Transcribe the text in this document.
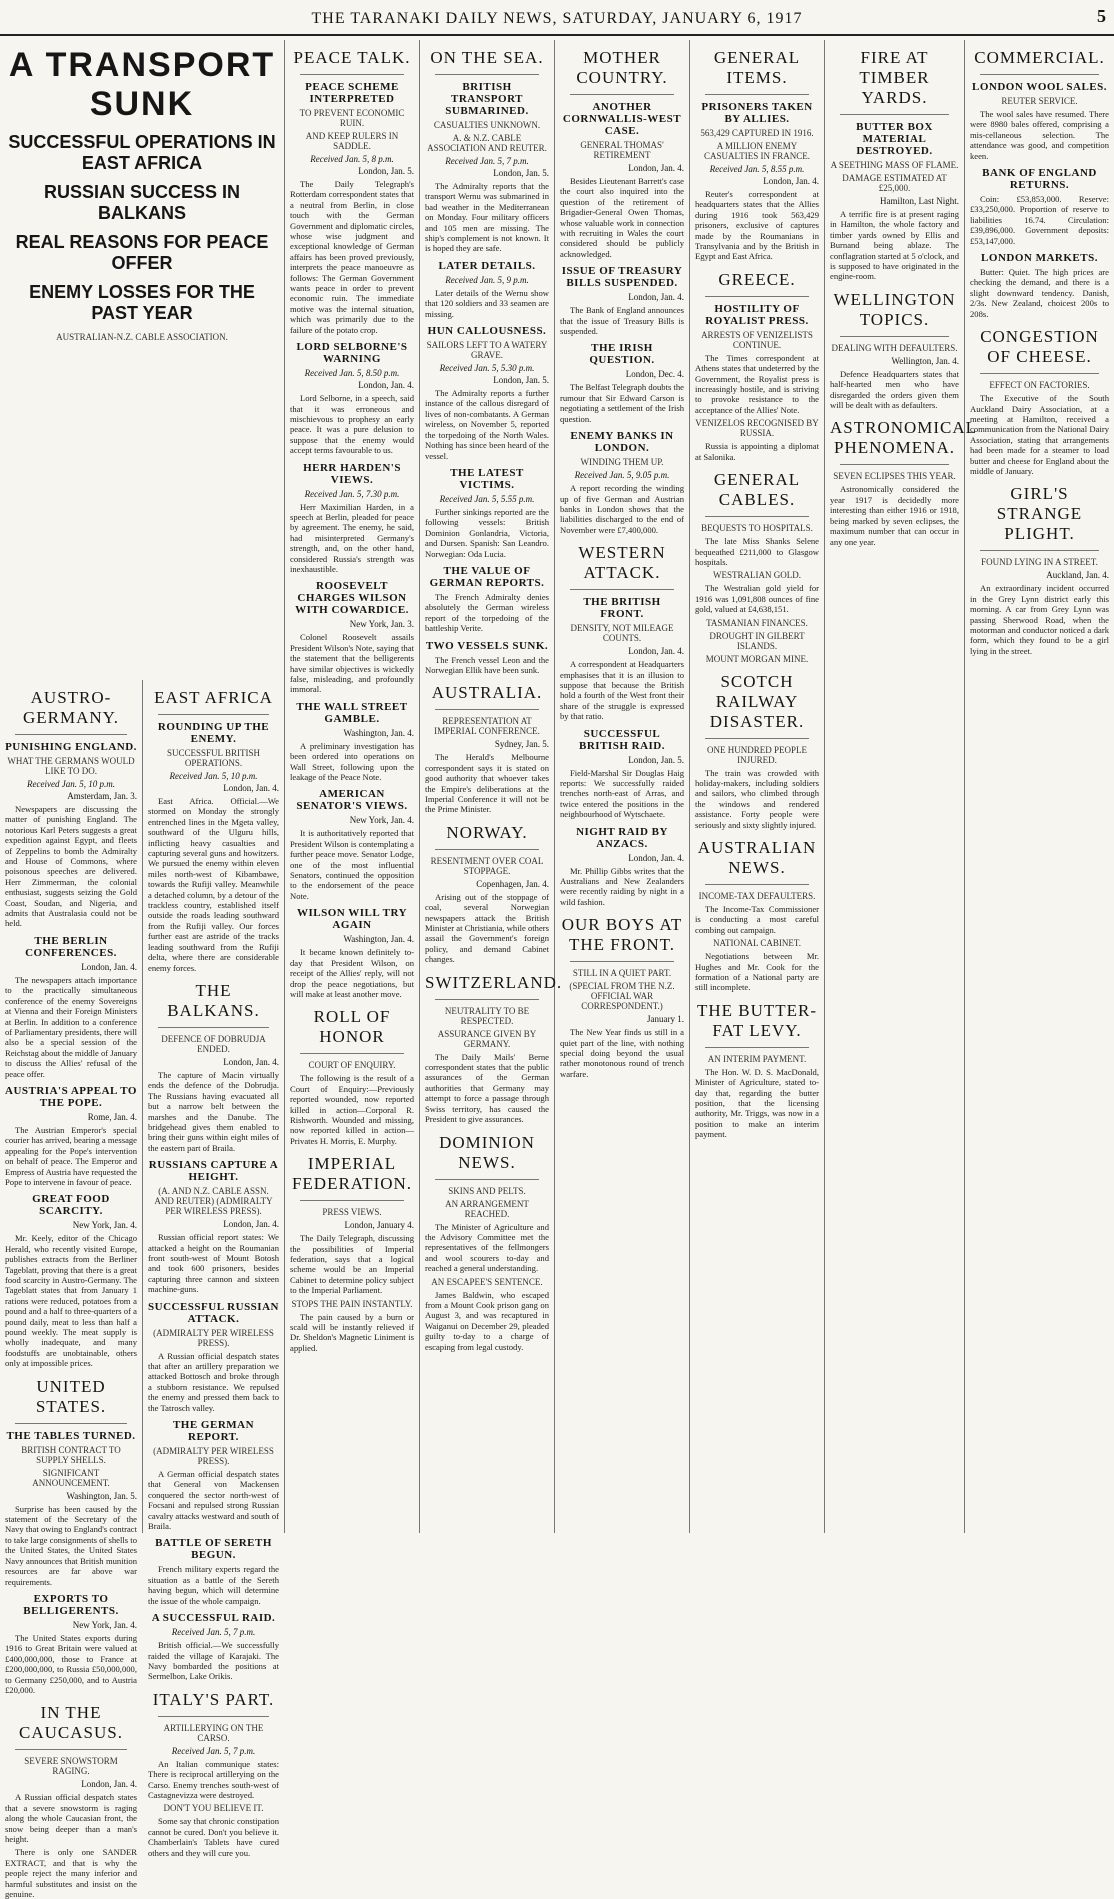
THE TARANAKI DAILY NEWS, SATURDAY, JANUARY 6, 1917	5
A TRANSPORT SUNK
SUCCESSFUL OPERATIONS IN EAST AFRICA
RUSSIAN SUCCESS IN BALKANS
REAL REASONS FOR PEACE OFFER
ENEMY LOSSES FOR THE PAST YEAR
AUSTRALIAN-N.Z. CABLE ASSOCIATION.
AUSTRO-GERMANY.
PUNISHING ENGLAND.
WHAT THE GERMANS WOULD LIKE TO DO.
Received Jan. 5, 10 p.m.
Amsterdam, Jan. 3.
Newspapers are discussing the matter of punishing England. The notorious Karl Peters suggests a great expedition against Egypt, and fleets of Zeppelins to bomb the Admiralty and House of Commons, where poisonous speeches are delivered. Herr Zimmerman, the colonial enthusiast, suggests seizing the Gold Coast, Soudan, and Nigeria, and admits that Australasia could not be held.
THE BERLIN CONFERENCES.
London, Jan. 4.
The newspapers attach importance to the practically simultaneous conference of the enemy Sovereigns at Vienna and their Foreign Ministers at Berlin. In addition to a conference of Parliamentary presidents, there will also be a special session of the Reichstag about the middle of January to discuss the Allies' refusal of the peace offer.
AUSTRIA'S APPEAL TO THE POPE.
Rome, Jan. 4.
The Austrian Emperor's special courier has arrived, bearing a message appealing for the Pope's intervention on behalf of peace. The Emperor and Empress of Austria have requested the Pope to intervene in favour of peace.
GREAT FOOD SCARCITY.
New York, Jan. 4.
Mr. Keely, editor of the Chicago Herald, who recently visited Europe, publishes extracts from the Berliner Tageblatt, proving that there is a great food scarcity in Austro-Germany. The Tageblatt states that from January 1 rations were reduced, potatoes from a pound and a half to three-quarters of a pound daily, meat to less than half a pound weekly. The meat supply is wholly inadequate, and many foodstuffs are unobtainable, others only at impossible prices.
UNITED STATES.
THE TABLES TURNED.
BRITISH CONTRACT TO SUPPLY SHELLS.
SIGNIFICANT ANNOUNCEMENT.
Washington, Jan. 5.
Surprise has been caused by the statement of the Secretary of the Navy that owing to England's contract to take large consignments of shells to the United States, the United States Navy announces that British munition resources are far above war requirements.
EXPORTS TO BELLIGERENTS.
New York, Jan. 4.
The United States exports during 1916 to Great Britain were valued at £400,000,000, those to France at £200,000,000, to Russia £50,000,000, to Germany £250,000, and to Austria £20,000.
IN THE CAUCASUS.
SEVERE SNOWSTORM RAGING.
London, Jan. 4.
A Russian official despatch states that a severe snowstorm is raging along the whole Caucasian front, the snow being deeper than a man's height.
There is only one SANDER EXTRACT, and that is why the people reject the many inferior and harmful substitutes and insist on the genuine.
EAST AFRICA
ROUNDING UP THE ENEMY.
SUCCESSFUL BRITISH OPERATIONS.
Received Jan. 5, 10 p.m.
London, Jan. 4.
East Africa. Official.—We stormed on Monday the strongly entrenched lines in the Mgeta valley, southward of the Ulguru hills, inflicting heavy casualties and capturing several guns and howitzers. We pursued the enemy within eleven miles north-west of Kibambawe, towards the Rufiji valley. Meanwhile a detached column, by a detour of the trackless country, established itself outside the roads leading southward from the Rufiji valley. Our forces further east are astride of the tracks leading southward from the Rufiji delta, where there are considerable enemy forces.
THE BALKANS.
DEFENCE OF DOBRUDJA ENDED.
London, Jan. 4.
The capture of Macin virtually ends the defence of the Dobrudja. The Russians having evacuated all but a narrow belt between the marshes and the Danube. The bridgehead gives them enabled to bring their guns within eight miles of the eastern part of Braila.
RUSSIANS CAPTURE A HEIGHT.
(A. AND N.Z. CABLE ASSN. AND REUTER) (ADMIRALTY PER WIRELESS PRESS).
London, Jan. 4.
Russian official report states: We attacked a height on the Roumanian front south-west of Mount Botosh and took 600 prisoners, besides capturing three cannon and sixteen machine-guns.
SUCCESSFUL RUSSIAN ATTACK.
(ADMIRALTY PER WIRELESS PRESS).
A Russian official despatch states that after an artillery preparation we attacked Bottosch and broke through a stubborn resistance. We repulsed the enemy and pressed them back to the Tatrosch valley.
THE GERMAN REPORT.
(ADMIRALTY PER WIRELESS PRESS).
A German official despatch states that General von Mackensen conquered the sector north-west of Focsani and repulsed strong Russian cavalry attacks westward and south of Braila.
BATTLE OF SERETH BEGUN.
French military experts regard the situation as a battle of the Sereth having begun, which will determine the issue of the whole campaign.
A SUCCESSFUL RAID.
Received Jan. 5, 7 p.m.
British official.—We successfully raided the village of Karajaki. The Navy bombarded the positions at Sermelbon, Lake Orikis.
ITALY'S PART.
ARTILLERYING ON THE CARSO.
Received Jan. 5, 7 p.m.
An Italian communique states: There is reciprocal artillerying on the Carso. Enemy trenches south-west of Castagnevizza were destroyed.
DON'T YOU BELIEVE IT.
Some say that chronic constipation cannot be cured. Don't you believe it. Chamberlain's Tablets have cured others and they will cure you.
PEACE TALK.
PEACE SCHEME INTERPRETED
TO PREVENT ECONOMIC RUIN.
AND KEEP RULERS IN SADDLE.
Received Jan. 5, 8 p.m.
London, Jan. 5.
The Daily Telegraph's Rotterdam correspondent states that a neutral from Berlin, in close touch with the German Government and diplomatic circles, whose wise judgment and exceptional knowledge of German affairs has been proved previously, interprets the peace manoeuvre as follows: The German Government wants peace in order to prevent economic ruin. The immediate motive was the internal situation, which was primarily due to the failure of the potato crop.
LORD SELBORNE'S WARNING
Received Jan. 5, 8.50 p.m.
London, Jan. 4.
Lord Selborne, in a speech, said that it was erroneous and mischievous to prophesy an early peace. It was a pure delusion to suppose that the enemy would accept terms favourable to us.
HERR HARDEN'S VIEWS.
Received Jan. 5, 7.30 p.m.
Herr Maximilian Harden, in a speech at Berlin, pleaded for peace by agreement. The enemy, he said, had misinterpreted Germany's strength, and, on the other hand, considered Russia's strength was inexhaustible.
ROOSEVELT CHARGES WILSON WITH COWARDICE.
New York, Jan. 3.
Colonel Roosevelt assails President Wilson's Note, saying that the statement that the belligerents have similar objectives is wickedly false, misleading, and profoundly immoral.
THE WALL STREET GAMBLE.
Washington, Jan. 4.
A preliminary investigation has been ordered into operations on Wall Street, following upon the leakage of the Peace Note.
AMERICAN SENATOR'S VIEWS.
New York, Jan. 4.
It is authoritatively reported that President Wilson is contemplating a further peace move. Senator Lodge, one of the most influential Senators, continued the opposition to the endorsement of the peace Note.
WILSON WILL TRY AGAIN
Washington, Jan. 4.
It became known definitely to-day that President Wilson, on receipt of the Allies' reply, will not drop the peace negotiations, but will make at least another move.
ROLL OF HONOR
COURT OF ENQUIRY.
The following is the result of a Court of Enquiry:—Previously reported wounded, now reported killed in action—Corporal R. Rishworth. Wounded and missing, now reported killed in action—Privates H. Morris, E. Murphy.
IMPERIAL FEDERATION.
PRESS VIEWS.
London, January 4.
The Daily Telegraph, discussing the possibilities of Imperial federation, says that a logical scheme would be an Imperial Cabinet to determine policy subject to the Imperial Parliament.
STOPS THE PAIN INSTANTLY.
The pain caused by a burn or scald will be instantly relieved if Dr. Sheldon's Magnetic Liniment is applied.
ON THE SEA.
BRITISH TRANSPORT SUBMARINED.
CASUALTIES UNKNOWN.
A. & N.Z. CABLE ASSOCIATION AND REUTER.
Received Jan. 5, 7 p.m.
London, Jan. 5.
The Admiralty reports that the transport Wernu was submarined in bad weather in the Mediterranean on Monday. Four military officers and 105 men are missing. The ship's complement is not known. It is hoped they are safe.
LATER DETAILS.
Received Jan. 5, 9 p.m.
Later details of the Wernu show that 120 soldiers and 33 seamen are missing.
HUN CALLOUSNESS.
SAILORS LEFT TO A WATERY GRAVE.
Received Jan. 5, 5.30 p.m.
London, Jan. 5.
The Admiralty reports a further instance of the callous disregard of lives of non-combatants. A German wireless, on November 5, reported the torpedoing of the North Wales. Nothing has since been heard of the vessel.
THE LATEST VICTIMS.
Received Jan. 5, 5.55 p.m.
Further sinkings reported are the following vessels: British Dominion Gonlandria, Victoria, and Dursen. Spanish: San Leandro. Norwegian: Oda Lucia.
THE VALUE OF GERMAN REPORTS.
The French Admiralty denies absolutely the German wireless report of the torpedoing of the battleship Verite.
TWO VESSELS SUNK.
The French vessel Leon and the Norwegian Ellik have been sunk.
AUSTRALIA.
REPRESENTATION AT IMPERIAL CONFERENCE.
Sydney, Jan. 5.
The Herald's Melbourne correspondent says it is stated on good authority that whoever takes the Empire's deliberations at the Imperial Conference it will not be the Prime Minister.
NORWAY.
RESENTMENT OVER COAL STOPPAGE.
Copenhagen, Jan. 4.
Arising out of the stoppage of coal, several Norwegian newspapers attack the British Minister at Christiania, while others assail the Government's foreign policy, and demand Cabinet changes.
SWITZERLAND.
NEUTRALITY TO BE RESPECTED.
ASSURANCE GIVEN BY GERMANY.
The Daily Mails' Berne correspondent states that the public assurances of the German authorities that Germany may attempt to force a passage through Swiss territory, has caused the President to give assurances.
DOMINION NEWS.
SKINS AND PELTS.
AN ARRANGEMENT REACHED.
The Minister of Agriculture and the Advisory Committee met the representatives of the fellmongers and wool scourers to-day and reached a general understanding.
AN ESCAPEE'S SENTENCE.
James Baldwin, who escaped from a Mount Cook prison gang on August 3, and was recaptured in Waiganui on December 29, pleaded guilty to-day to a charge of escaping from legal custody.
MOTHER COUNTRY.
ANOTHER CORNWALLIS-WEST CASE.
GENERAL THOMAS' RETIREMENT
London, Jan. 4.
Besides Lieutenant Barrett's case the court also inquired into the question of the retirement of Brigadier-General Owen Thomas, whose valuable work in connection with recruiting in Wales the court considered should be publicly acknowledged.
ISSUE OF TREASURY BILLS SUSPENDED.
London, Jan. 4.
The Bank of England announces that the issue of Treasury Bills is suspended.
THE IRISH QUESTION.
London, Dec. 4.
The Belfast Telegraph doubts the rumour that Sir Edward Carson is negotiating a settlement of the Irish question.
ENEMY BANKS IN LONDON.
WINDING THEM UP.
Received Jan. 5, 9.05 p.m.
A report recording the winding up of five German and Austrian banks in London shows that the liabilities discharged to the end of November were £7,400,000.
WESTERN ATTACK.
THE BRITISH FRONT.
DENSITY, NOT MILEAGE COUNTS.
London, Jan. 4.
A correspondent at Headquarters emphasises that it is an illusion to suppose that because the British hold a fourth of the West front their share of the struggle is expressed by that ratio.
SUCCESSFUL BRITISH RAID.
London, Jan. 5.
Field-Marshal Sir Douglas Haig reports: We successfully raided trenches north-east of Arras, and twice entered the positions in the neighbourhood of Wytschaete.
NIGHT RAID BY ANZACS.
London, Jan. 4.
Mr. Phillip Gibbs writes that the Australians and New Zealanders were recently raiding by night in a wild fashion.
OUR BOYS AT THE FRONT.
STILL IN A QUIET PART.
(SPECIAL FROM THE N.Z. OFFICIAL WAR CORRESPONDENT.)
January 1.
The New Year finds us still in a quiet part of the line, with nothing special doing beyond the usual rather monotonous round of trench warfare.
GENERAL ITEMS.
PRISONERS TAKEN BY ALLIES.
563,429 CAPTURED IN 1916.
A MILLION ENEMY CASUALTIES IN FRANCE.
Received Jan. 5, 8.55 p.m.
London, Jan. 4.
Reuter's correspondent at headquarters states that the Allies during 1916 took 563,429 prisoners, exclusive of captures made by the Roumanians in Transylvania and by the British in Egypt and East Africa.
GREECE.
HOSTILITY OF ROYALIST PRESS.
ARRESTS OF VENIZELISTS CONTINUE.
The Times correspondent at Athens states that undeterred by the Government, the Royalist press is increasingly hostile, and is striving to provoke resistance to the acceptance of the Allies' Note.
VENIZELOS RECOGNISED BY RUSSIA.
Russia is appointing a diplomat at Salonika.
GENERAL CABLES.
BEQUESTS TO HOSPITALS.
The late Miss Shanks Selene bequeathed £211,000 to Glasgow hospitals.
WESTRALIAN GOLD.
The Westralian gold yield for 1916 was 1,091,808 ounces of fine gold, valued at £4,638,151.
TASMANIAN FINANCES.
DROUGHT IN GILBERT ISLANDS.
MOUNT MORGAN MINE.
SCOTCH RAILWAY DISASTER.
ONE HUNDRED PEOPLE INJURED.
The train was crowded with holiday-makers, including soldiers and sailors, who climbed through the windows and rendered assistance. Forty people were seriously and sixty slightly injured.
AUSTRALIAN NEWS.
INCOME-TAX DEFAULTERS.
The Income-Tax Commissioner is conducting a most careful combing out campaign.
NATIONAL CABINET.
Negotiations between Mr. Hughes and Mr. Cook for the formation of a National party are still incomplete.
THE BUTTER-FAT LEVY.
AN INTERIM PAYMENT.
The Hon. W. D. S. MacDonald, Minister of Agriculture, stated to-day that, regarding the butter position, that the licensing authority, Mr. Triggs, was now in a position to make an interim payment.
FIRE AT TIMBER YARDS.
BUTTER BOX MATERIAL DESTROYED.
A SEETHING MASS OF FLAME.
DAMAGE ESTIMATED AT £25,000.
Hamilton, Last Night.
A terrific fire is at present raging in Hamilton, the whole factory and timber yards owned by Ellis and Burnand being ablaze. The conflagration started at 5 o'clock, and is supposed to have originated in the engine-room.
WELLINGTON TOPICS.
DEALING WITH DEFAULTERS.
Wellington, Jan. 4.
Defence Headquarters states that half-hearted men who have disregarded the orders given them will be dealt with as defaulters.
ASTRONOMICAL PHENOMENA.
SEVEN ECLIPSES THIS YEAR.
Astronomically considered the year 1917 is decidedly more interesting than either 1916 or 1918, being marked by seven eclipses, the maximum number that can occur in any one year.
COMMERCIAL.
LONDON WOOL SALES.
REUTER SERVICE.
The wool sales have resumed. There were 8980 bales offered, comprising a mis-cellaneous selection. The attendance was good, and competition keen.
BANK OF ENGLAND RETURNS.
Coin: £53,853,000. Reserve: £33,250,000. Proportion of reserve to liabilities 16.74. Circulation: £39,896,000. Government deposits: £53,147,000.
LONDON MARKETS.
Butter: Quiet. The high prices are checking the demand, and there is a slight downward tendency. Danish, 2/3s. New Zealand, choicest 200s to 208s.
CONGESTION OF CHEESE.
EFFECT ON FACTORIES.
The Executive of the South Auckland Dairy Association, at a meeting at Hamilton, received a communication from the National Dairy Association, stating that arrangements had been made for a steamer to load butter and cheese for England about the middle of January.
GIRL'S STRANGE PLIGHT.
FOUND LYING IN A STREET.
Auckland, Jan. 4.
An extraordinary incident occurred in the Grey Lynn district early this morning. A car from Grey Lynn was passing Sherwood Road, when the motorman and conductor noticed a dark form, which they found to be a girl lying in the street.
